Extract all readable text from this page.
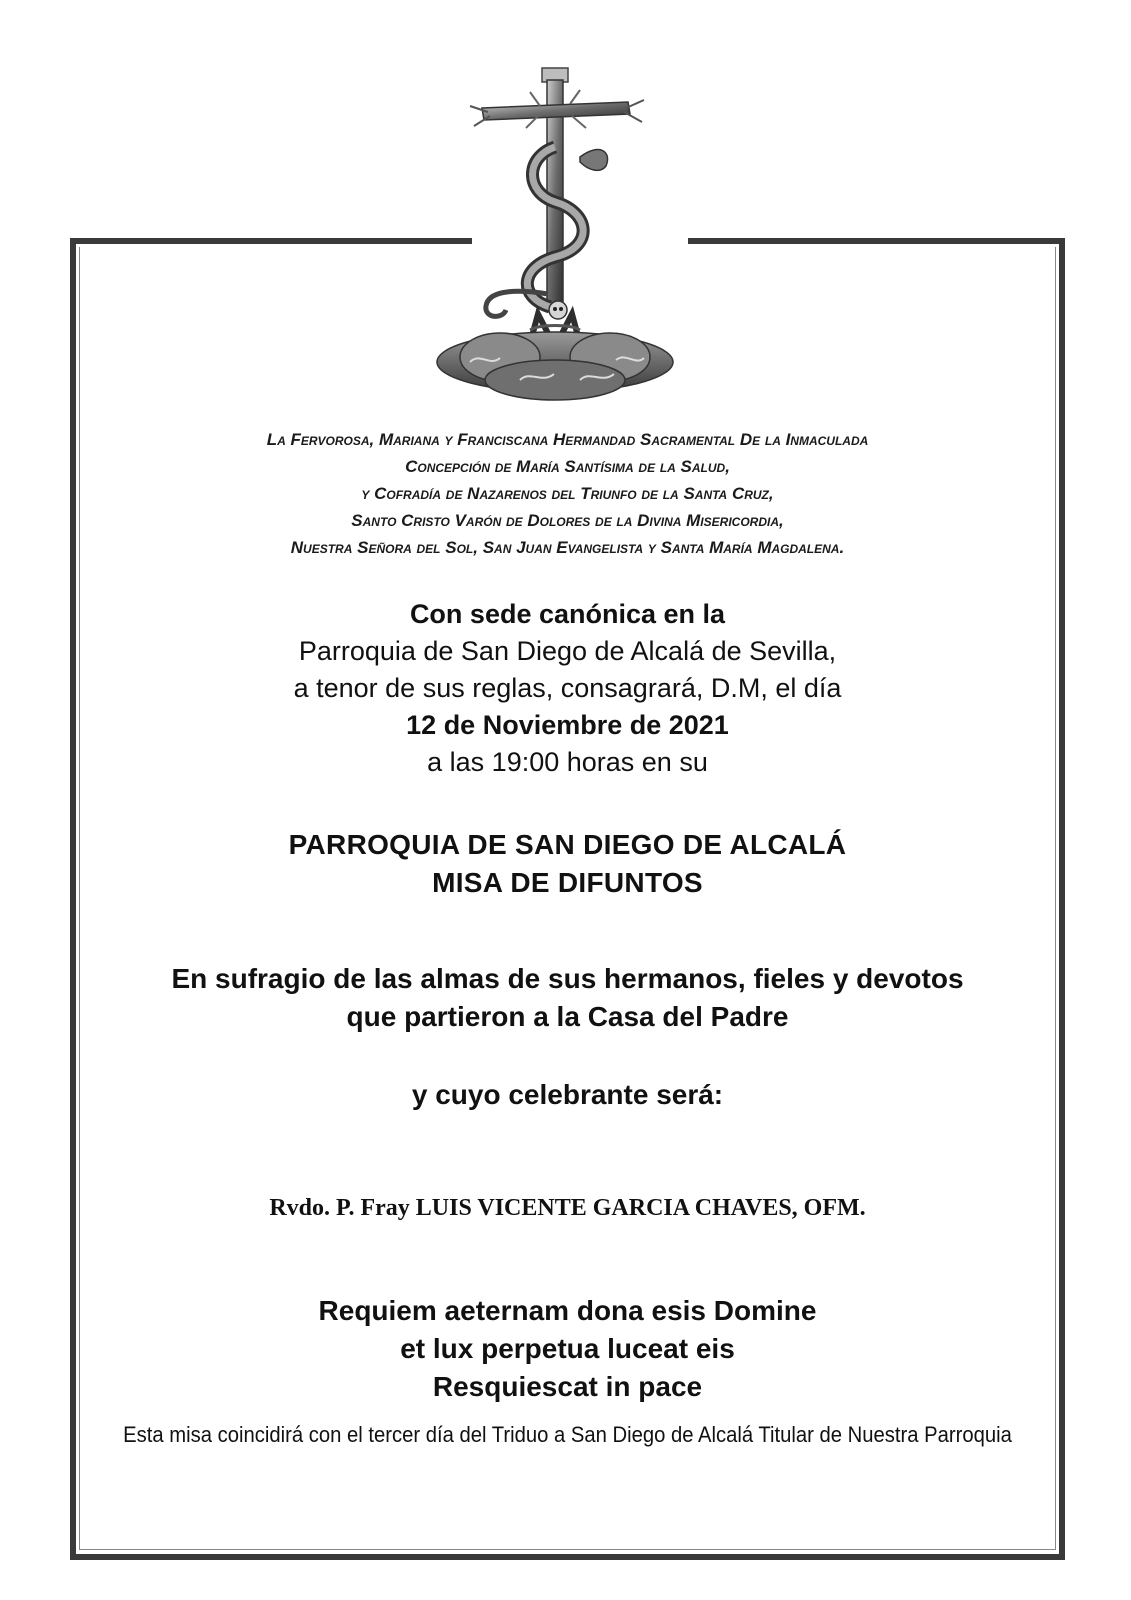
La Fervorosa, Mariana y Franciscana Hermandad Sacramental De la Inmaculada
Concepción de María Santísima de la Salud,
y Cofradía de Nazarenos del Triunfo de la Santa Cruz,
Santo Cristo Varón de Dolores de la Divina Misericordia,
Nuestra Señora del Sol, San Juan Evangelista y Santa María Magdalena.
Con sede canónica en la
Parroquia de San Diego de Alcalá de Sevilla,
a tenor de sus reglas, consagrará, D.M, el día
12 de Noviembre de 2021
a las 19:00 horas en su
PARROQUIA DE SAN DIEGO DE ALCALÁ
MISA DE DIFUNTOS
En sufragio de las almas de sus hermanos, fieles y devotos
que partieron a la Casa del Padre
y cuyo celebrante será:
Rvdo. P. Fray LUIS VICENTE GARCIA CHAVES, OFM.
Requiem aeternam dona esis Domine
et lux perpetua luceat eis
Resquiescat in pace
Esta misa coincidirá con el tercer día del Triduo a San Diego de Alcalá Titular de Nuestra Parroquia
